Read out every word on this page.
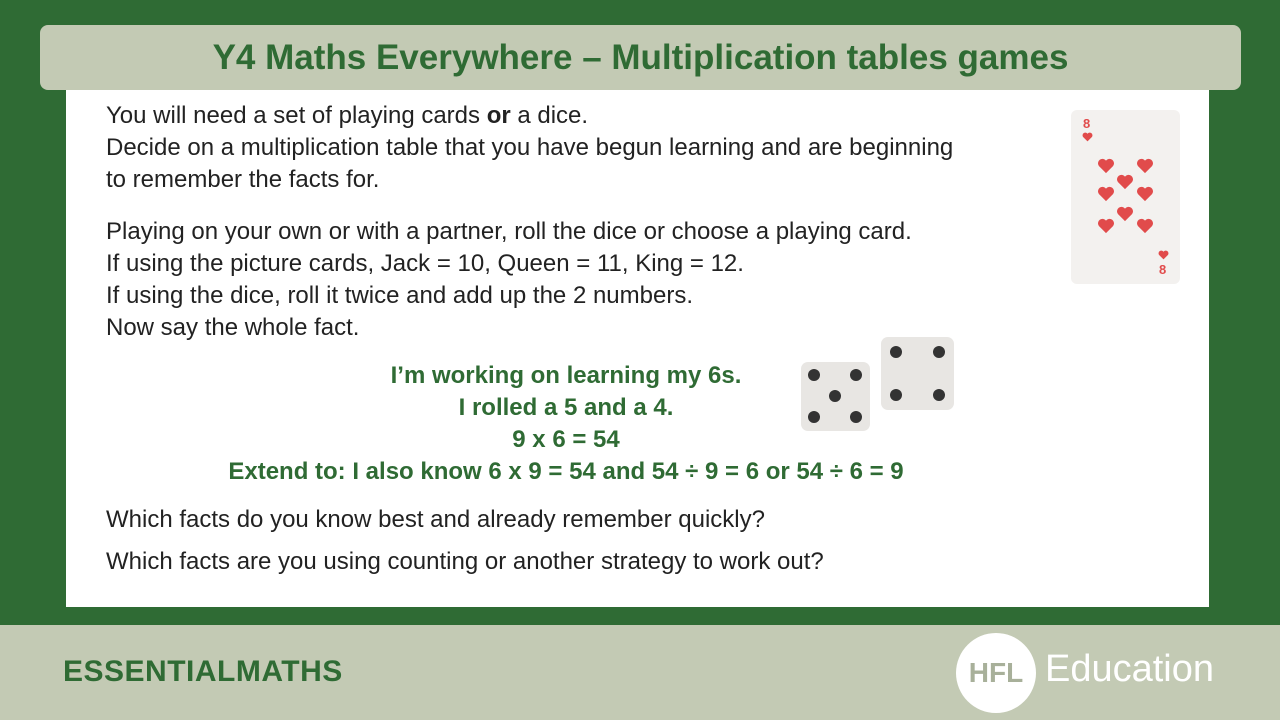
Y4 Maths Everywhere – Multiplication tables games

You will need a set of playing cards or a dice.

Decide on a multiplication table that you have begun learning and are beginning

to remember the facts for.

Playing on your own or with a partner, roll the dice or choose a playing card.

If using the picture cards, Jack = 10, Queen = 11, King = 12.

If using the dice, roll it twice and add up the 2 numbers.

Now say the whole fact.

I’m working on learning my 6s.

I rolled a 5 and a 4.

9 x 6 = 54

Extend to: I also know 6 x 9 = 54 and 54 ÷ 9 = 6 or 54 ÷ 6 = 9

Which facts do you know best and already remember quickly?
Which facts are you using counting or another strategy to work out?
8
8
ESSENTIALMATHS	HFL Education
